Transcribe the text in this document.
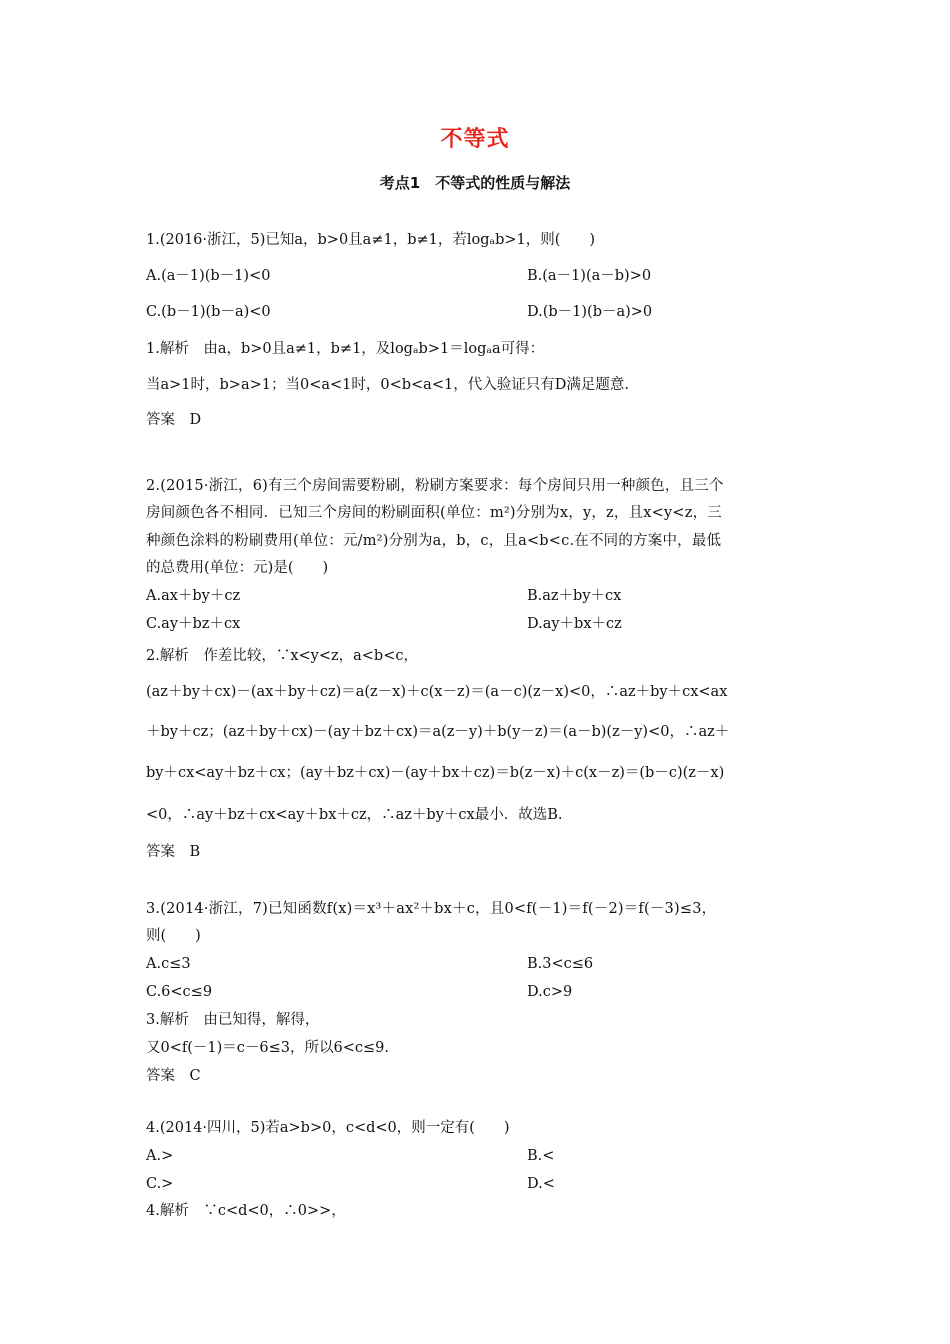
不等式
考点1　不等式的性质与解法
1.(2016·浙江，5)已知a，b>0且a≠1，b≠1，若logₐb>1，则(　　)
A.(a－1)(b－1)<0	B.(a－1)(a－b)>0
C.(b－1)(b－a)<0	D.(b－1)(b－a)>0
1.解析　由a，b>0且a≠1，b≠1，及logₐb>1＝logₐa可得：
当a>1时，b>a>1；当0<a<1时，0<b<a<1，代入验证只有D满足题意.
答案　D
2.(2015·浙江，6)有三个房间需要粉刷，粉刷方案要求：每个房间只用一种颜色，且三个
房间颜色各不相同．已知三个房间的粉刷面积(单位：m²)分别为x，y，z，且x<y<z，三
种颜色涂料的粉刷费用(单位：元/m²)分别为a，b，c，且a<b<c.在不同的方案中，最低
的总费用(单位：元)是(　　)
A.ax＋by＋cz	B.az＋by＋cx
C.ay＋bz＋cx	D.ay＋bx＋cz
2.解析　作差比较，∵x<y<z，a<b<c，
(az＋by＋cx)－(ax＋by＋cz)＝a(z－x)＋c(x－z)＝(a－c)(z－x)<0，∴az＋by＋cx<ax
＋by＋cz；(az＋by＋cx)－(ay＋bz＋cx)＝a(z－y)＋b(y－z)＝(a－b)(z－y)<0，∴az＋
by＋cx<ay＋bz＋cx；(ay＋bz＋cx)－(ay＋bx＋cz)＝b(z－x)＋c(x－z)＝(b－c)(z－x)
<0，∴ay＋bz＋cx<ay＋bx＋cz，∴az＋by＋cx最小．故选B.
答案　B
3.(2014·浙江，7)已知函数f(x)＝x³＋ax²＋bx＋c，且0<f(－1)＝f(－2)＝f(－3)≤3，
则(　　)
A.c≤3	B.3<c≤6
C.6<c≤9	D.c>9
3.解析　由已知得，解得，
又0<f(－1)＝c－6≤3，所以6<c≤9.
答案　C
4.(2014·四川，5)若a>b>0，c<d<0，则一定有(　　)
A.>	B.<
C.>	D.<
4.解析　∵c<d<0，∴0>>，
